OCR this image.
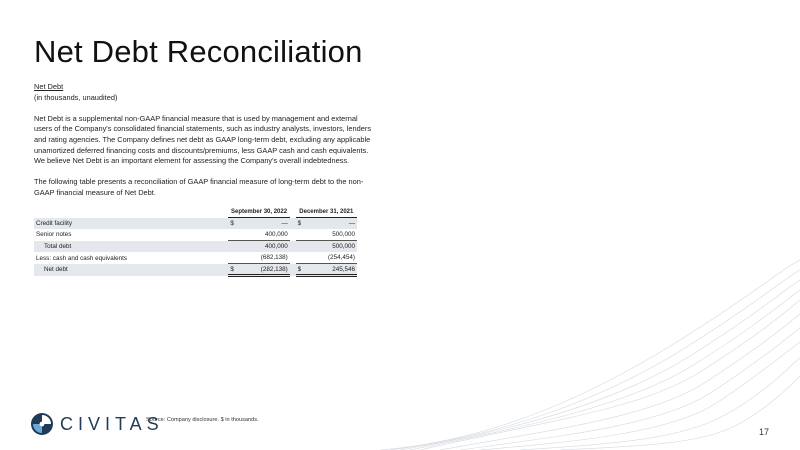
Net Debt Reconciliation
Net Debt
(in thousands, unaudited)
Net Debt is a supplemental non-GAAP financial measure that is used by management and external users of the Company's consolidated financial statements, such as industry analysts, investors, lenders and rating agencies. The Company defines net debt as GAAP long-term debt, excluding any applicable unamortized deferred financing costs and discounts/premiums, less GAAP cash and cash equivalents. We believe Net Debt is an important element for assessing the Company's overall indebtedness.
The following table presents a reconciliation of GAAP financial measure of long-term debt to the non-GAAP financial measure of Net Debt.
	September 30, 2022			December 31, 2021	
Credit facility	$	—		$	—
Senior notes		400,000			500,000
Total debt		400,000			500,000
Less: cash and cash equivalents		(682,138)			(254,454)
Net debt	$	(282,138)		$	245,546
CIVITAS
Source: Company disclosure. $ in thousands.
17
